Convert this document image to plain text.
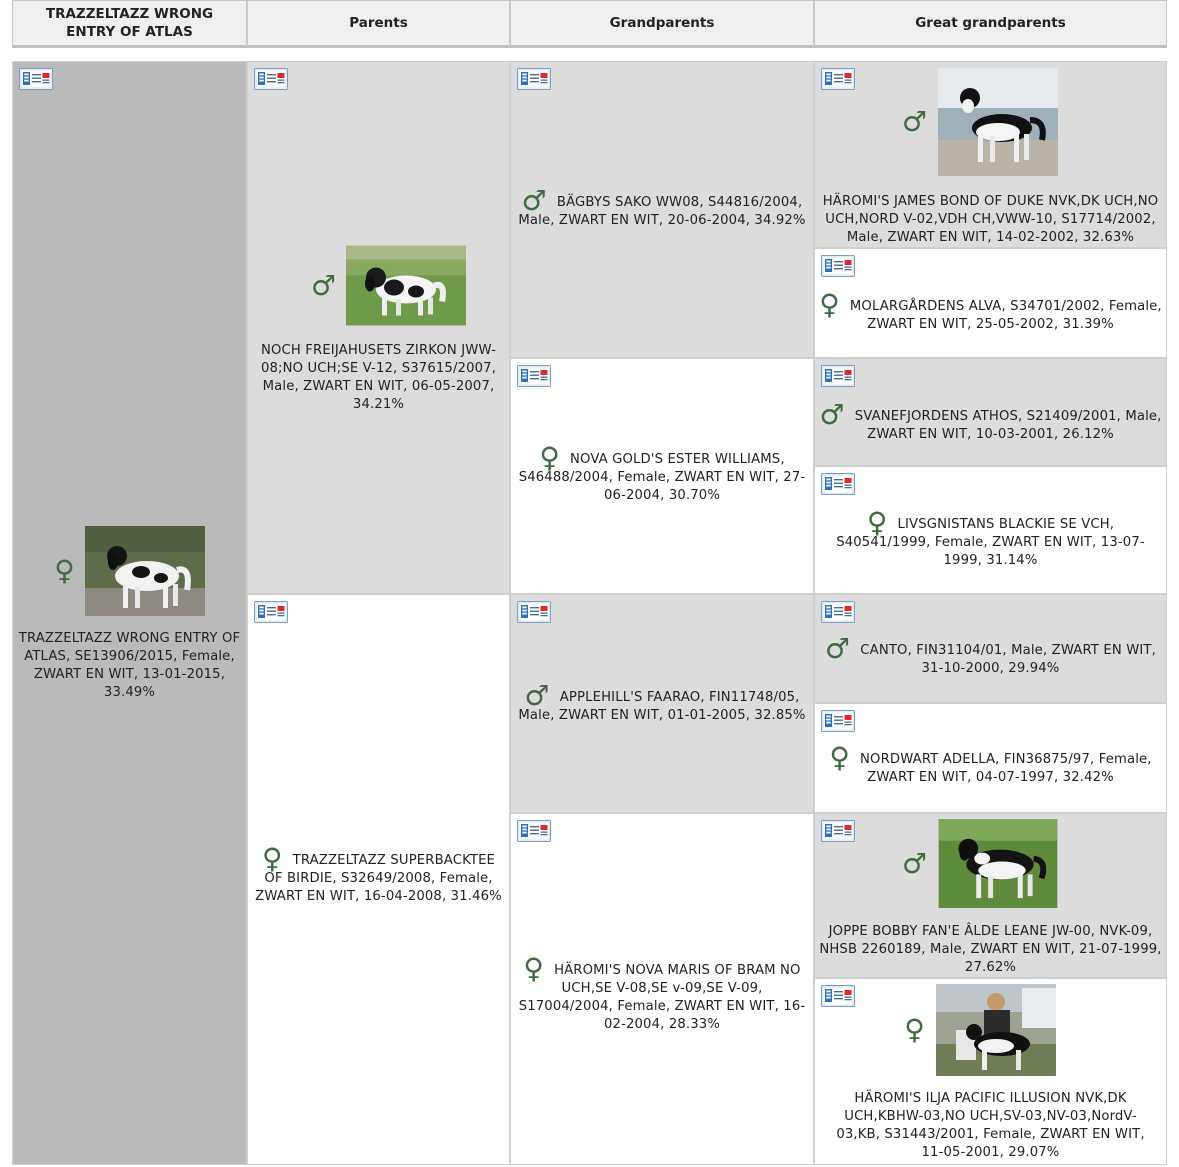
TRAZZELTAZZ WRONG ENTRY OF ATLAS
Parents	Grandparents	Great grandparents
♀
TRAZZELTAZZ WRONG ENTRY OF ATLAS, SE13906/2015, Female, ZWART EN WIT, 13-01-2015, 33.49%
♂
NOCH FREIJAHUSETS ZIRKON JWW-08;NO UCH;SE V-12, S37615/2007, Male, ZWART EN WIT, 06-05-2007, 34.21%
♀ TRAZZELTAZZ SUPERBACKTEE OF BIRDIE, S32649/2008, Female, ZWART EN WIT, 16-04-2008, 31.46%
♂ BÄGBYS SAKO WW08, S44816/2004, Male, ZWART EN WIT, 20-06-2004, 34.92%
♀ NOVA GOLD'S ESTER WILLIAMS, S46488/2004, Female, ZWART EN WIT, 27-06-2004, 30.70%
♂ APPLEHILL'S FAARAO, FIN11748/05, Male, ZWART EN WIT, 01-01-2005, 32.85%
♀ HÄROMI'S NOVA MARIS OF BRAM NO UCH,SE V-08,SE v-09,SE V-09, S17004/2004, Female, ZWART EN WIT, 16-02-2004, 28.33%
♂
HÄROMI'S JAMES BOND OF DUKE NVK,DK UCH,NO UCH,NORD V-02,VDH CH,VWW-10, S17714/2002, Male, ZWART EN WIT, 14-02-2002, 32.63%
♀ MOLARGÅRDENS ALVA, S34701/2002, Female, ZWART EN WIT, 25-05-2002, 31.39%
♂ SVANEFJORDENS ATHOS, S21409/2001, Male, ZWART EN WIT, 10-03-2001, 26.12%
♀ LIVSGNISTANS BLACKIE SE VCH, S40541/1999, Female, ZWART EN WIT, 13-07-1999, 31.14%
♂ CANTO, FIN31104/01, Male, ZWART EN WIT, 31-10-2000, 29.94%
♀ NORDWART ADELLA, FIN36875/97, Female, ZWART EN WIT, 04-07-1997, 32.42%
♂
JOPPE BOBBY FAN'E ÂLDE LEANE JW-00, NVK-09, NHSB 2260189, Male, ZWART EN WIT, 21-07-1999, 27.62%
♀
HÄROMI'S ILJA PACIFIC ILLUSION NVK,DK UCH,KBHW-03,NO UCH,SV-03,NV-03,NordV-03,KB, S31443/2001, Female, ZWART EN WIT, 11-05-2001, 29.07%
